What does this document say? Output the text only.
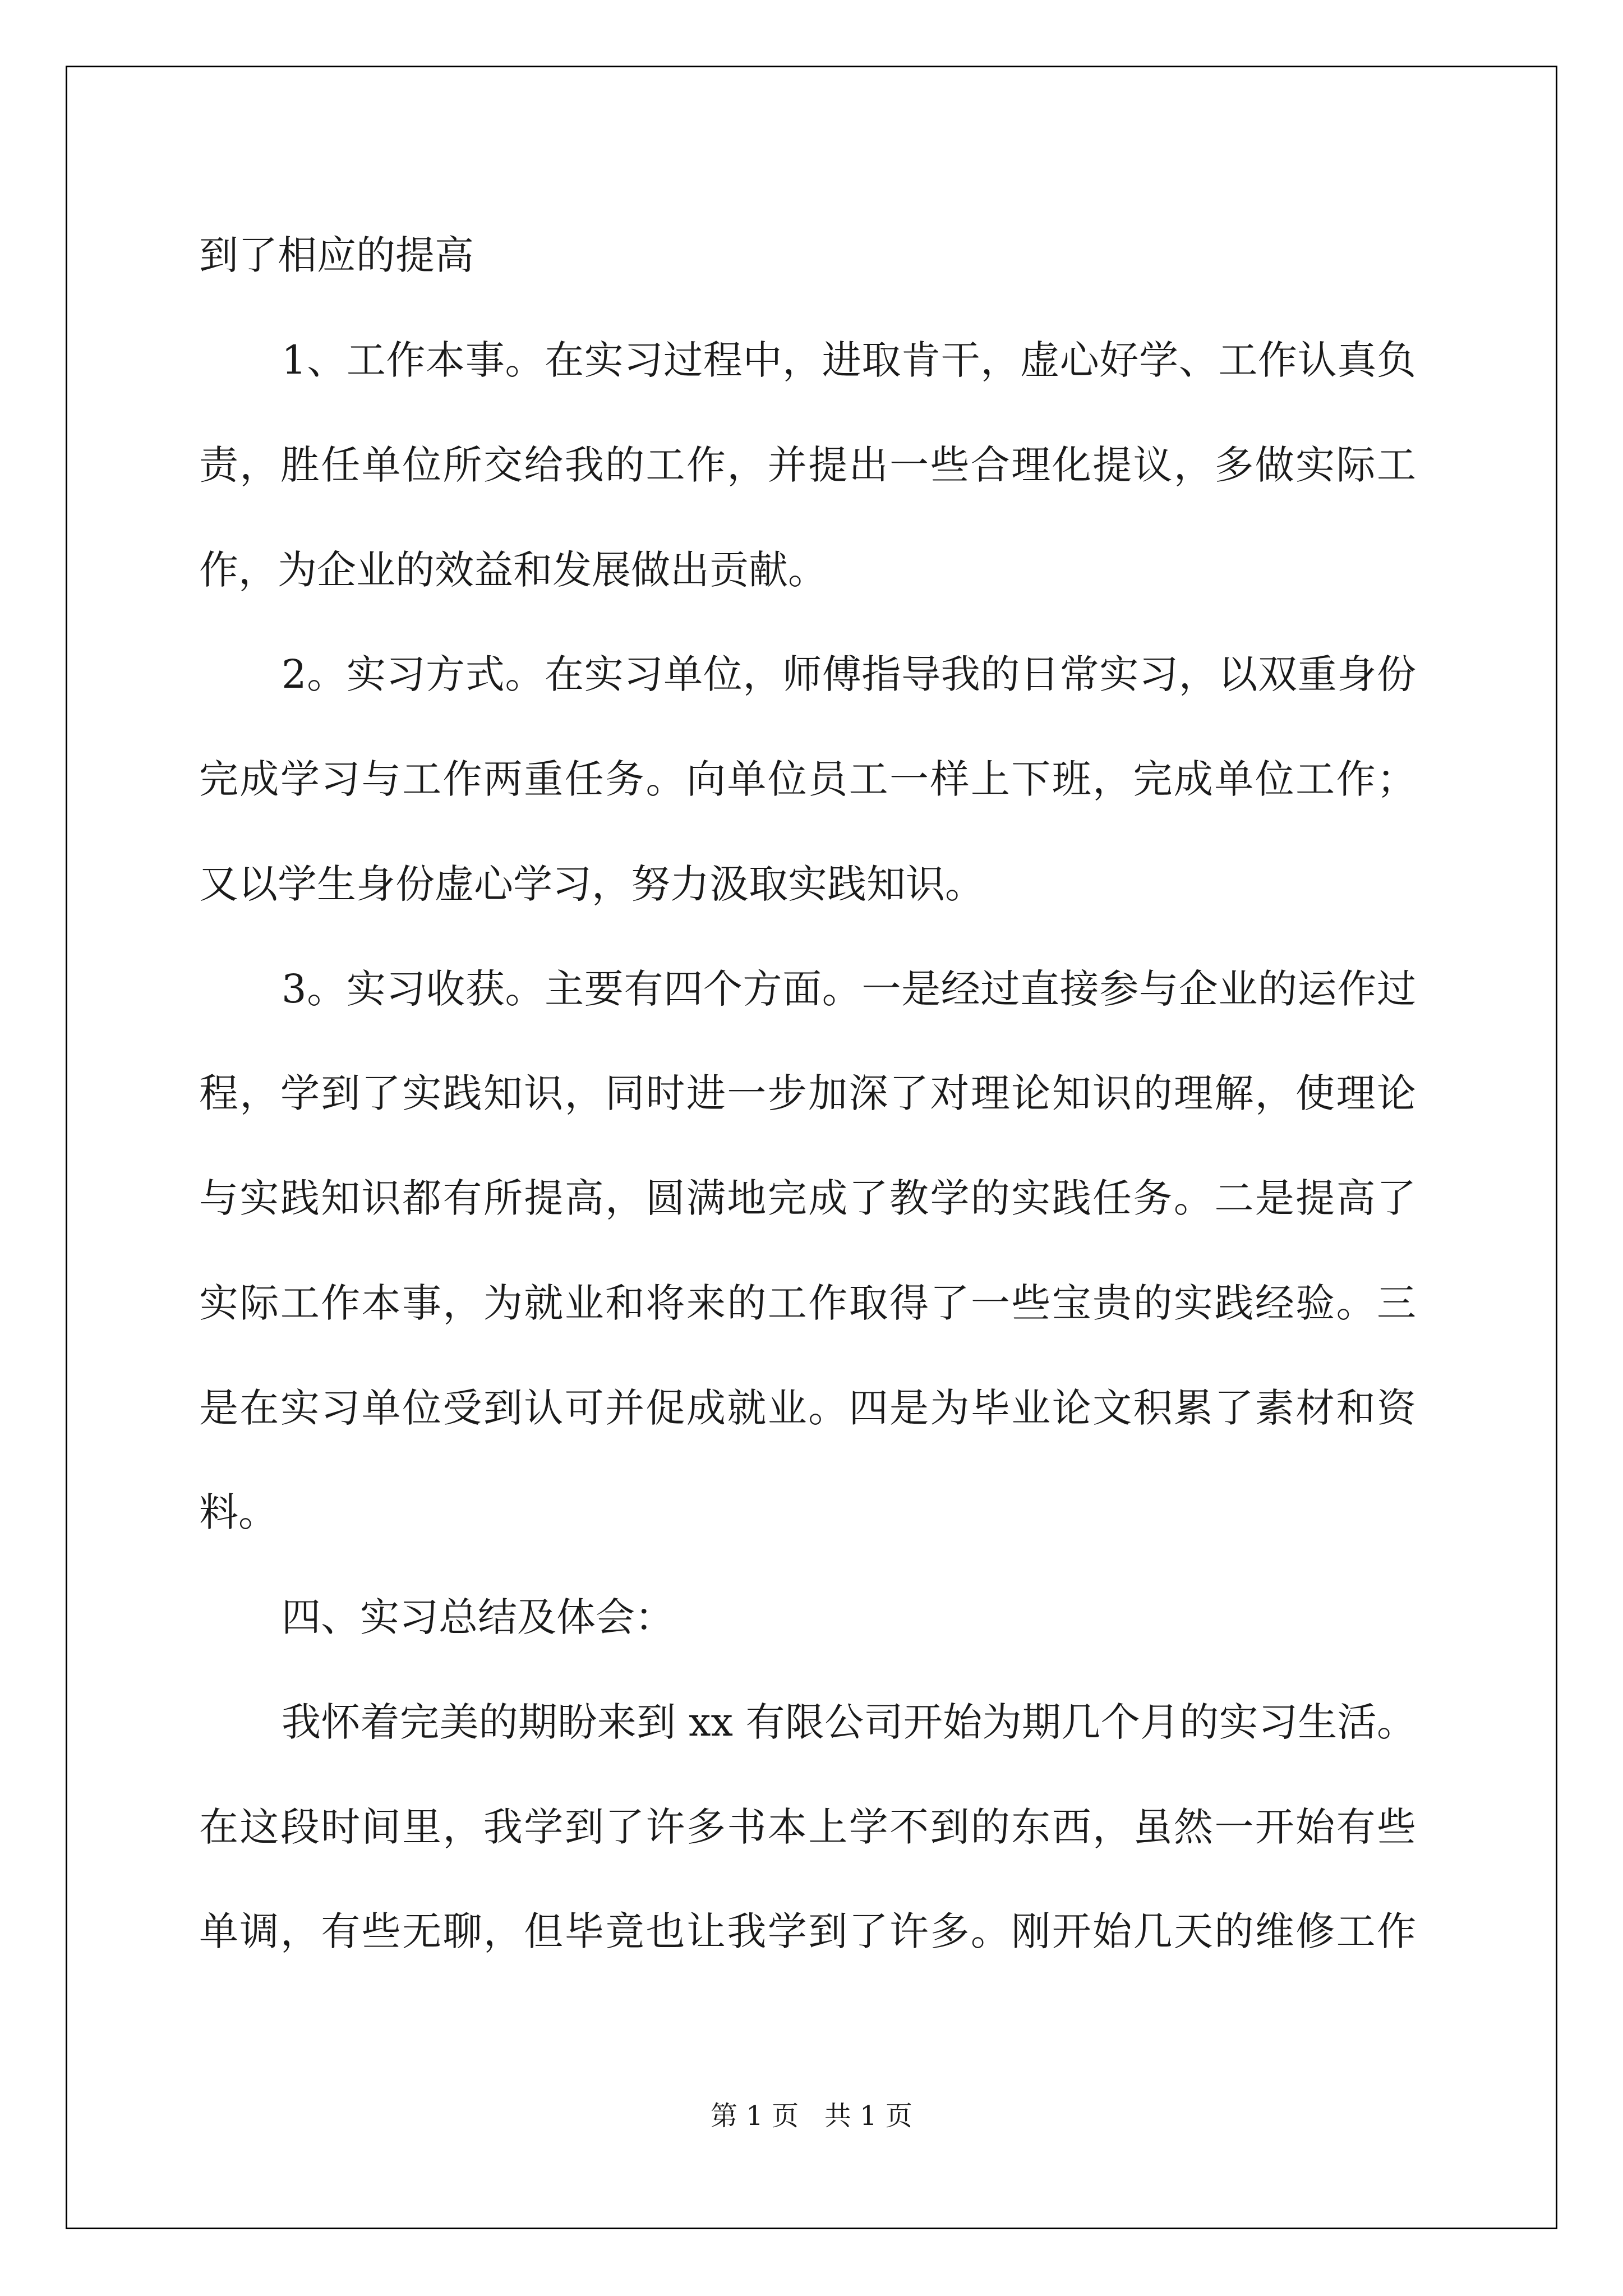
到了相应的提高
1、工作本事。在实习过程中，进取肯干，虚心好学、工作认真负
责，胜任单位所交给我的工作，并提出一些合理化提议，多做实际工
作，为企业的效益和发展做出贡献。
2。实习方式。在实习单位，师傅指导我的日常实习，以双重身份
完成学习与工作两重任务。向单位员工一样上下班，完成单位工作；
又以学生身份虚心学习，努力汲取实践知识。
3。实习收获。主要有四个方面。一是经过直接参与企业的运作过
程，学到了实践知识，同时进一步加深了对理论知识的理解，使理论
与实践知识都有所提高，圆满地完成了教学的实践任务。二是提高了
实际工作本事，为就业和将来的工作取得了一些宝贵的实践经验。三
是在实习单位受到认可并促成就业。四是为毕业论文积累了素材和资
料。
四、实习总结及体会：
我怀着完美的期盼来到 xx 有限公司开始为期几个月的实习生活。
在这段时间里，我学到了许多书本上学不到的东西，虽然一开始有些
单调，有些无聊，但毕竟也让我学到了许多。刚开始几天的维修工作
第 1 页   共 1 页
